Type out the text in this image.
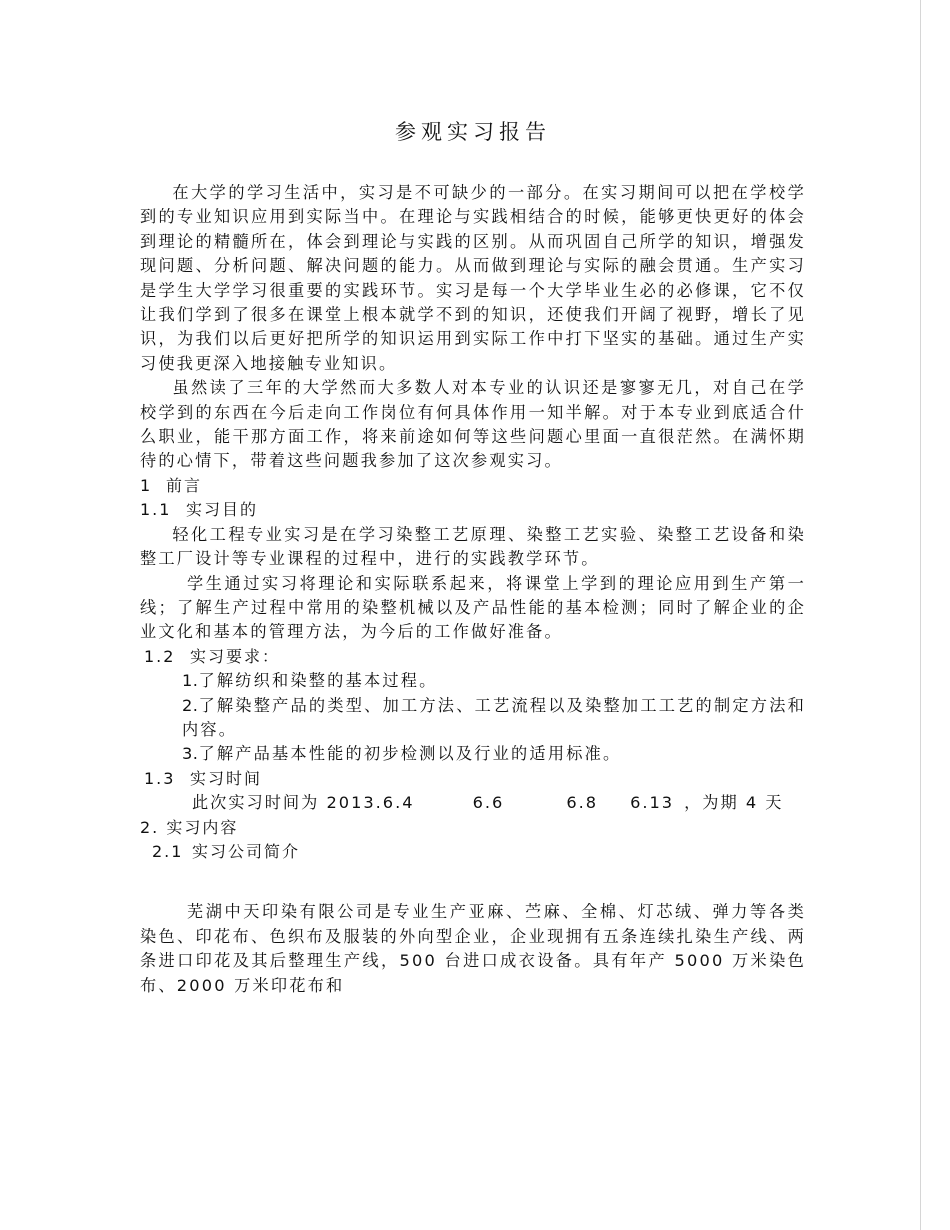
参观实习报告

在大学的学习生活中，实习是不可缺少的一部分。在实习期间可以把在学校学到的专业知识应用到实际当中。在理论与实践相结合的时候，能够更快更好的体会到理论的精髓所在，体会到理论与实践的区别。从而巩固自己所学的知识，增强发现问题、分析问题、解决问题的能力。从而做到理论与实际的融会贯通。生产实习是学生大学学习很重要的实践环节。实习是每一个大学毕业生必的必修课，它不仅让我们学到了很多在课堂上根本就学不到的知识，还使我们开阔了视野，增长了见识，为我们以后更好把所学的知识运用到实际工作中打下坚实的基础。通过生产实习使我更深入地接触专业知识。

虽然读了三年的大学然而大多数人对本专业的认识还是寥寥无几，对自己在学校学到的东西在今后走向工作岗位有何具体作用一知半解。对于本专业到底适合什么职业，能干那方面工作，将来前途如何等这些问题心里面一直很茫然。在满怀期待的心情下，带着这些问题我参加了这次参观实习。

1 前言

1.1 实习目的

轻化工程专业实习是在学习染整工艺原理、染整工艺实验、染整工艺设备和染整工厂设计等专业课程的过程中，进行的实践教学环节。

学生通过实习将理论和实际联系起来，将课堂上学到的理论应用到生产第一线；了解生产过程中常用的染整机械以及产品性能的基本检测；同时了解企业的企业文化和基本的管理方法，为今后的工作做好准备。

1.2 实习要求：

1.了解纺织和染整的基本过程。

2.了解染整产品的类型、加工方法、工艺流程以及染整加工工艺的制定方法和内容。

3.了解产品基本性能的初步检测以及行业的适用标准。

1.3 实习时间

此次实习时间为 2013.6.4	6.6	6.8 6.13 ，为期 4 天

2. 实习内容

2.1 实习公司简介

芜湖中天印染有限公司是专业生产亚麻、苎麻、全棉、灯芯绒、弹力等各类染色、印花布、色织布及服装的外向型企业，企业现拥有五条连续扎染生产线、两条进口印花及其后整理生产线，500 台进口成衣设备。具有年产 5000 万米染色布、2000 万米印花布和
